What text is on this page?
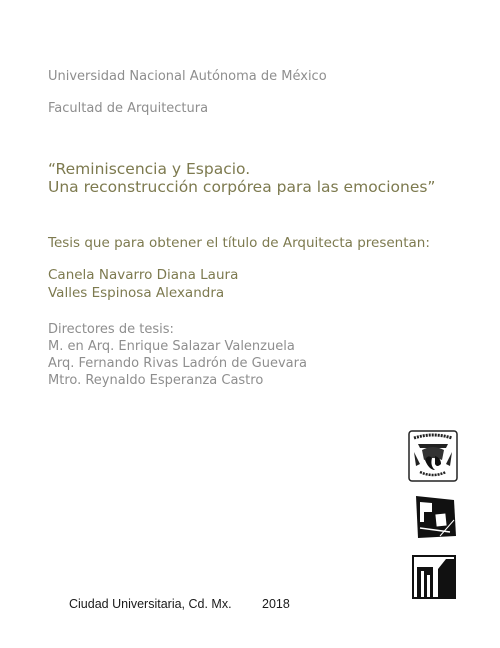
Universidad Nacional Autónoma de México

Facultad de Arquitectura

“Reminiscencia y Espacio.

Una reconstrucción corpórea para las emociones”

Tesis que para obtener el título de Arquitecta presentan:

Canela Navarro Diana Laura

Valles Espinosa Alexandra

Directores de tesis:

M. en Arq. Enrique Salazar Valenzuela

Arq. Fernando Rivas Ladrón de Guevara

Mtro. Reynaldo Esperanza Castro

Ciudad Universitaria, Cd. Mx. 2018
